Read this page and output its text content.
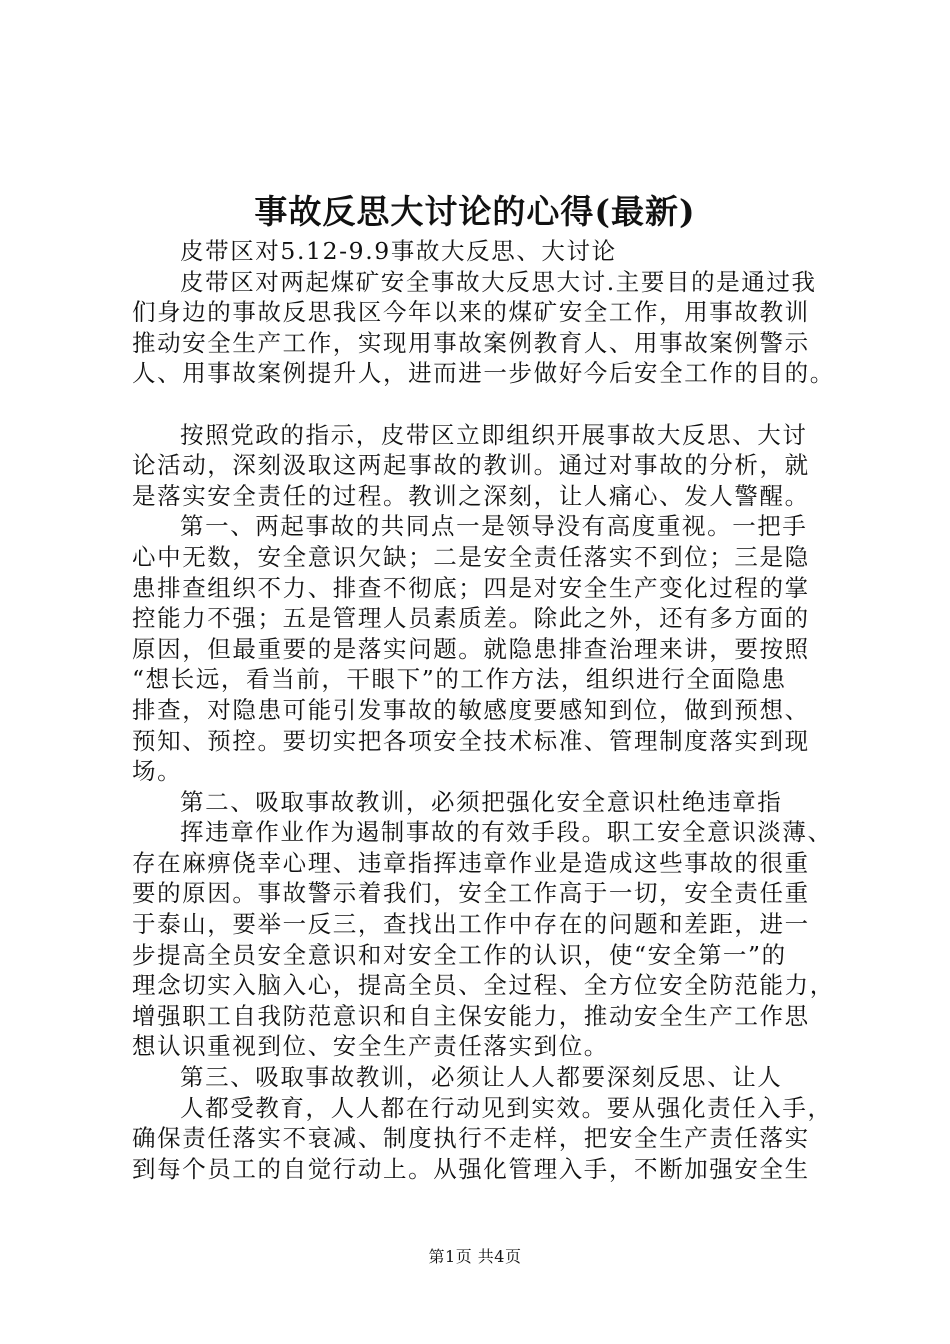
事故反思大讨论的心得(最新)
皮带区对5.12-9.9事故大反思、大讨论
皮带区对两起煤矿安全事故大反思大讨.主要目的是通过我
们身边的事故反思我区今年以来的煤矿安全工作，用事故教训
推动安全生产工作，实现用事故案例教育人、用事故案例警示
人、用事故案例提升人，进而进一步做好今后安全工作的目的。
按照党政的指示，皮带区立即组织开展事故大反思、大讨
论活动，深刻汲取这两起事故的教训。通过对事故的分析，就
是落实安全责任的过程。教训之深刻，让人痛心、发人警醒。
第一、两起事故的共同点一是领导没有高度重视。一把手
心中无数，安全意识欠缺；二是安全责任落实不到位；三是隐
患排查组织不力、排查不彻底；四是对安全生产变化过程的掌
控能力不强；五是管理人员素质差。除此之外，还有多方面的
原因，但最重要的是落实问题。就隐患排查治理来讲，要按照
“想长远，看当前，干眼下”的工作方法，组织进行全面隐患
排查，对隐患可能引发事故的敏感度要感知到位，做到预想、
预知、预控。要切实把各项安全技术标准、管理制度落实到现
场。
第二、吸取事故教训，必须把强化安全意识杜绝违章指
挥违章作业作为遏制事故的有效手段。职工安全意识淡薄、
存在麻痹侥幸心理、违章指挥违章作业是造成这些事故的很重
要的原因。事故警示着我们，安全工作高于一切，安全责任重
于泰山，要举一反三，查找出工作中存在的问题和差距，进一
步提高全员安全意识和对安全工作的认识，使“安全第一”的
理念切实入脑入心，提高全员、全过程、全方位安全防范能力，
增强职工自我防范意识和自主保安能力，推动安全生产工作思
想认识重视到位、安全生产责任落实到位。
第三、吸取事故教训，必须让人人都要深刻反思、让人
人都受教育，人人都在行动见到实效。要从强化责任入手，
确保责任落实不衰减、制度执行不走样，把安全生产责任落实
到每个员工的自觉行动上。从强化管理入手，不断加强安全生
第1页 共4页
